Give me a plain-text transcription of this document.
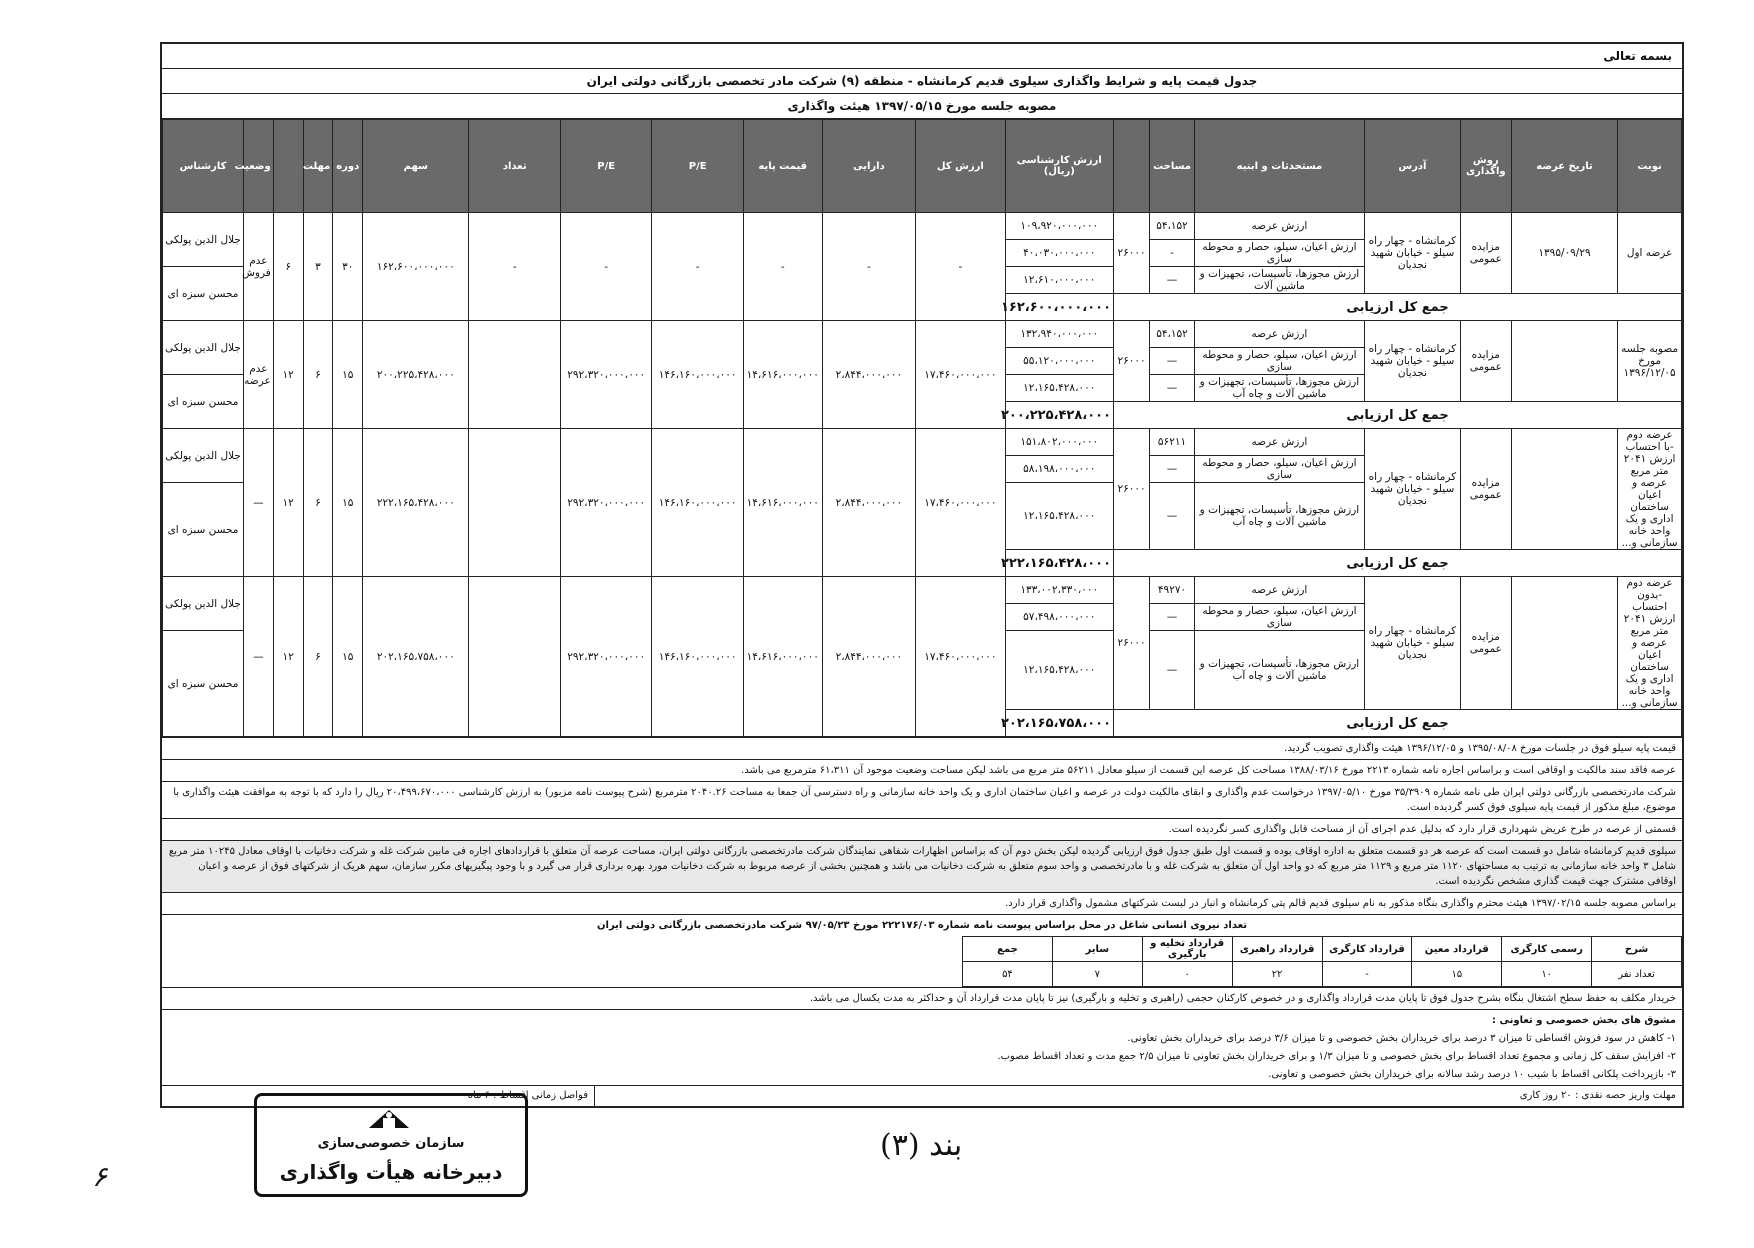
بسمه تعالی
جدول قیمت پایه و شرایط واگذاری سیلوی قدیم کرمانشاه - منطقه (۹) شرکت مادر تخصصی بازرگانی دولتی ایران
مصوبه جلسه مورخ ۱۳۹۷/۰۵/۱۵ هیئت واگذاری
نوبت	تاریخ عرضه	روش واگذاری	آدرس	مستحدثات و ابنیه	مساحت		ارزش کارشناسی (ریال)	ارزش کل	دارایی	قیمت پایه	P/E	P/E	تعداد	سهم	دوره	مهلت		وضعیت	کارشناس
عرضه اول	۱۳۹۵/۰۹/۲۹	مزایده عمومی	کرمانشاه - چهار راه سیلو - خیابان شهید نجدیان	ارزش عرصه	۵۴،۱۵۲	۲۶۰۰۰	۱۰۹،۹۲۰،۰۰۰،۰۰۰	-	-	-	-	-	-	۱۶۲،۶۰۰،۰۰۰،۰۰۰	۳۰	۳	۶	عدم فروش	جلال الدین پولکی
				ارزش اعیان، سیلو، حصار و محوطه سازی	-		۴۰،۰۳۰،۰۰۰،۰۰۰												
				ارزش مجوزها، تأسیسات، تجهیزات و ماشین آلات	—		۱۲،۶۱۰،۰۰۰،۰۰۰												محسن سبزه ای
جمع کل ارزیابی							۱۶۲،۶۰۰،۰۰۰،۰۰۰												
مصوبه جلسه مورخ ۱۳۹۶/۱۲/۰۵		مزایده عمومی	کرمانشاه - چهار راه سیلو - خیابان شهید نجدیان	ارزش عرصه	۵۴،۱۵۲	۲۶۰۰۰	۱۳۲،۹۴۰،۰۰۰،۰۰۰	۱۷،۴۶۰،۰۰۰،۰۰۰	۲،۸۴۴،۰۰۰،۰۰۰	۱۴،۶۱۶،۰۰۰،۰۰۰	۱۴۶،۱۶۰،۰۰۰،۰۰۰	۲۹۲،۳۲۰،۰۰۰،۰۰۰		۲۰۰،۲۲۵،۴۲۸،۰۰۰	۱۵	۶	۱۲	عدم عرضه	جلال الدین پولکی
				ارزش اعیان، سیلو، حصار و محوطه سازی	—		۵۵،۱۲۰،۰۰۰،۰۰۰												
				ارزش مجوزها، تأسیسات، تجهیزات و ماشین آلات و چاه آب	—		۱۲،۱۶۵،۴۲۸،۰۰۰												محسن سبزه ای
جمع کل ارزیابی							۲۰۰،۲۲۵،۴۲۸،۰۰۰												
عرضه دوم -با احتساب ارزش ۲۰۴۱ متر مربع عرصه و اعیان ساختمان اداری و یک واحد خانه سازمانی و...		مزایده عمومی	کرمانشاه - چهار راه سیلو - خیابان شهید نجدیان	ارزش عرصه	۵۶۲۱۱	۲۶۰۰۰	۱۵۱،۸۰۲،۰۰۰،۰۰۰	۱۷،۴۶۰،۰۰۰،۰۰۰	۲،۸۴۴،۰۰۰،۰۰۰	۱۴،۶۱۶،۰۰۰،۰۰۰	۱۴۶،۱۶۰،۰۰۰،۰۰۰	۲۹۲،۳۲۰،۰۰۰،۰۰۰		۲۲۲،۱۶۵،۴۲۸،۰۰۰	۱۵	۶	۱۲	—	جلال الدین پولکی
				ارزش اعیان، سیلو، حصار و محوطه سازی	—		۵۸،۱۹۸،۰۰۰،۰۰۰												
				ارزش مجوزها، تأسیسات، تجهیزات و ماشین آلات و چاه آب	—		۱۲،۱۶۵،۴۲۸،۰۰۰												محسن سبزه ای
جمع کل ارزیابی							۲۲۲،۱۶۵،۴۲۸،۰۰۰												
عرضه دوم -بدون احتساب ارزش ۲۰۴۱ متر مربع عرصه و اعیان ساختمان اداری و یک واحد خانه سازمانی و...		مزایده عمومی	کرمانشاه - چهار راه سیلو - خیابان شهید نجدیان	ارزش عرصه	۴۹۲۷۰	۲۶۰۰۰	۱۳۳،۰۰۲،۳۳۰،۰۰۰	۱۷،۴۶۰،۰۰۰،۰۰۰	۲،۸۴۴،۰۰۰،۰۰۰	۱۴،۶۱۶،۰۰۰،۰۰۰	۱۴۶،۱۶۰،۰۰۰،۰۰۰	۲۹۲،۳۲۰،۰۰۰،۰۰۰		۲۰۲،۱۶۵،۷۵۸،۰۰۰	۱۵	۶	۱۲	—	جلال الدین پولکی
				ارزش اعیان، سیلو، حصار و محوطه سازی	—		۵۷،۴۹۸،۰۰۰،۰۰۰												
				ارزش مجوزها، تأسیسات، تجهیزات و ماشین آلات و چاه آب	—		۱۲،۱۶۵،۴۲۸،۰۰۰												محسن سبزه ای
جمع کل ارزیابی							۲۰۲،۱۶۵،۷۵۸،۰۰۰												
قیمت پایه سیلو فوق در جلسات مورخ ۱۳۹۵/۰۸/۰۸ و ۱۳۹۶/۱۲/۰۵ هیئت واگذاری تصویب گردید.
عرصه فاقد سند مالکیت و اوقافی است و براساس اجاره نامه شماره ۲۲۱۳ مورخ ۱۳۸۸/۰۳/۱۶ مساحت کل عرصه این قسمت از سیلو معادل ۵۶۲۱۱ متر مربع می باشد لیکن مساحت وضعیت موجود آن ۶۱،۳۱۱ مترمربع می باشد.
شرکت مادرتخصصی بازرگانی دولتی ایران طی نامه شماره ۳۵/۳۹۰۹ مورخ ۱۳۹۷/۰۵/۱۰ درخواست عدم واگذاری و ابقای مالکیت دولت در عرصه و اعیان ساختمان اداری و یک واحد خانه سازمانی و راه دسترسی آن جمعا به مساحت ۲۰۴۰.۲۶ مترمربع (شرح پیوست نامه مزبور) به ارزش کارشناسی ۲۰،۴۹۹،۶۷۰،۰۰۰ ریال را دارد که با توجه به موافقت هیئت واگذاری با موضوع، مبلغ مذکور از قیمت پایه سیلوی فوق کسر گردیده است.
قسمتی از عرصه در طرح عریض شهرداری قرار دارد که بدلیل عدم اجرای آن از مساحت قابل واگذاری کسر نگردیده است.
سیلوی قدیم کرمانشاه شامل دو قسمت است که عرصه هر دو قسمت متعلق به اداره اوقاف بوده و قسمت اول طبق جدول فوق ارزیابی گردیده لیکن بخش دوم آن که براساس اظهارات شفاهی نمایندگان شرکت مادرتخصصی بازرگانی دولتی ایران، مساحت عرصه آن متعلق با قراردادهای اجاره فی مابین شرکت غله و شرکت دخانیات با اوقاف معادل ۱۰۲۴۵ متر مربع شامل ۳ واحد خانه سازمانی به ترتیب به مساحتهای ۱۱۲۰ متر مربع و ۱۱۲۹ متر مربع که دو واحد اول آن متعلق به شرکت غله و با مادرتخصصی و واحد سوم متعلق به شرکت دخانیات می باشد و همچنین بخشی از عرصه مربوط به شرکت دخانیات مورد بهره برداری قرار می گیرد و با وجود پیگیریهای مکرر سازمان، سهم هریک از شرکتهای فوق از عرصه و اعیان اوقافی مشترک جهت قیمت گذاری مشخص نگردیده است.
براساس مصوبه جلسه ۱۳۹۷/۰۲/۱۵ هیئت محترم واگذاری بنگاه مذکور به نام سیلوی قدیم قالم پتی کرمانشاه و انبار در لیست شرکتهای مشمول واگذاری قرار دارد.
تعداد نیروی انسانی شاغل در محل براساس پیوست نامه شماره ۲۲۲۱۷۶/۰۳ مورخ ۹۷/۰۵/۲۳ شرکت مادرتخصصی بازرگانی دولتی ایران
شرح	رسمی کارگری	قرارداد معین	قرارداد کارگری	قرارداد راهبری	قرارداد تخلیه و بارگیری	سایر	جمع
تعداد نفر	۱۰	۱۵	-	۲۲	۰	۷	۵۴
خریدار مکلف به حفظ سطح اشتغال بنگاه بشرح جدول فوق تا پایان مدت قرارداد واگذاری و در خصوص کارکنان حجمی (راهبری و تخلیه و بارگیری) نیز تا پایان مدت قرارداد آن و حداکثر به مدت یکسال می باشد.
مشوق های بخش خصوصی و تعاونی :
۱- کاهش در سود فروش اقساطی تا میزان ۳ درصد برای خریداران بخش خصوصی و تا میزان ۳/۶ درصد برای خریداران بخش تعاونی.
۲- افزایش سقف کل زمانی و مجموع تعداد اقساط برای بخش خصوصی و تا میزان ۱/۳ و برای خریداران بخش تعاونی تا میزان ۲/۵ جمع مدت و تعداد اقساط مصوب.
۳- بازپرداخت پلکانی اقساط با شیب ۱۰ درصد رشد سالانه برای خریداران بخش خصوصی و تعاونی.
مهلت واریز حصه نقدی : ۲۰ روز کاری
فواصل زمانی اقساط : ۶ ماه
سازمان خصوصی‌سازی
دبیرخانه هیأت واگذاری
بند (۳)
۶
